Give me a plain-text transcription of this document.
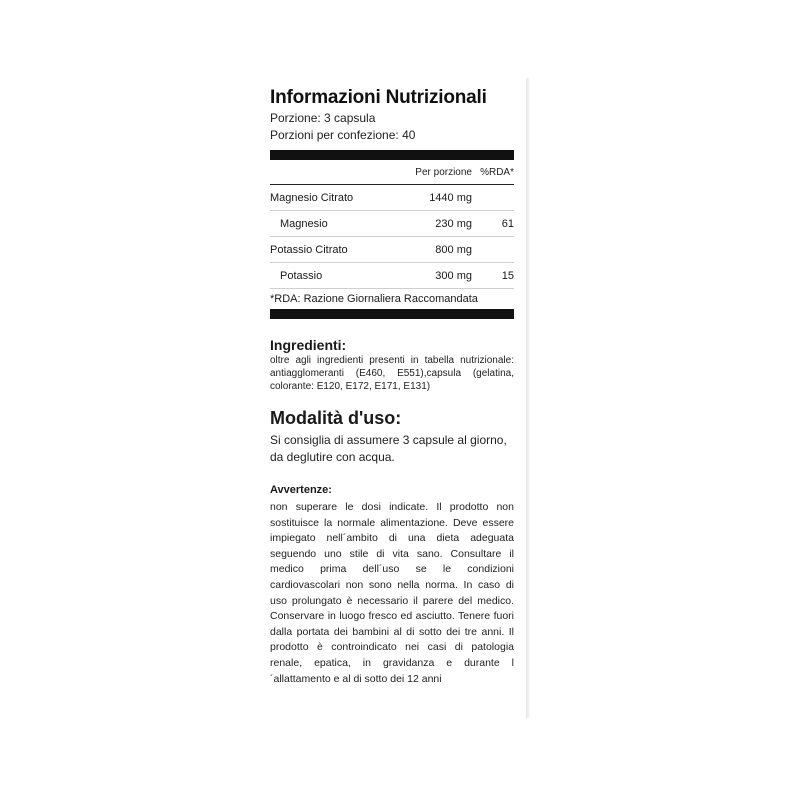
Informazioni Nutrizionali
Porzione: 3 capsula
Porzioni per confezione: 40
Per porzione %RDA*
Magnesio Citrato	1440 mg
Magnesio	230 mg	61
Potassio Citrato	800 mg
Potassio	300 mg	15
*RDA: Razione Giornaliera Raccomandata
Ingredienti:
oltre agli ingredienti presenti in tabella nutrizionale: antiagglomeranti (E460, E551),capsula (gelatina, colorante: E120, E172, E171, E131)
Modalità d'uso:
Si consiglia di assumere 3 capsule al giorno, da deglutire con acqua.
Avvertenze:
non superare le dosi indicate. Il prodotto non sostituisce la normale alimentazione. Deve essere impiegato nell´ambito di una dieta adeguata seguendo uno stile di vita sano. Consultare il medico prima dell´uso se le condizioni cardiovascolari non sono nella norma. In caso di uso prolungato è necessario il parere del medico. Conservare in luogo fresco ed asciutto. Tenere fuori dalla portata dei bambini al di sotto dei tre anni. Il prodotto è controindicato nei casi di patologia renale, epatica, in gravidanza e durante l´allattamento e al di sotto dei 12 anni
